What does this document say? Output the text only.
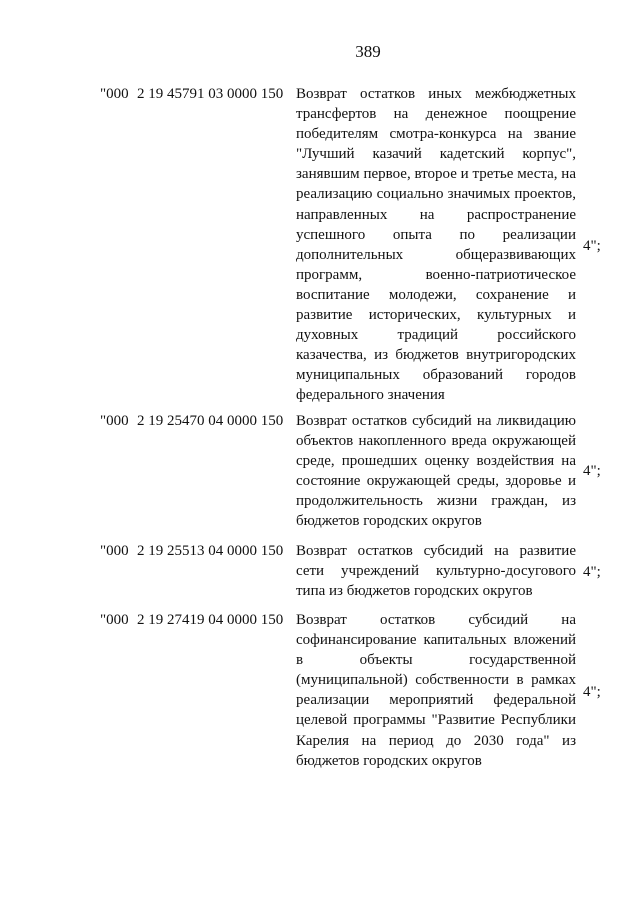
389
"000 2 19 45791 03 0000 150 Возврат остатков иных межбюджетных трансфертов на денежное поощрение победителям смотра-конкурса на звание "Лучший казачий кадетский корпус", занявшим первое, второе и третье места, на реализацию социально значимых проектов, направленных на распространение успешного опыта по реализации дополнительных общеразвивающих программ, военно-патриотическое воспитание молодежи, сохранение и развитие исторических, культурных и духовных традиций российского казачества, из бюджетов внутригородских муниципальных образований городов федерального значения
4";
"000 2 19 25470 04 0000 150 Возврат остатков субсидий на ликвидацию объектов накопленного вреда окружающей среде, прошедших оценку воздействия на состояние окружающей среды, здоровье и продолжительность жизни граждан, из бюджетов городских округов
4";
"000 2 19 25513 04 0000 150 Возврат остатков субсидий на развитие сети учреждений культурно-досугового типа из бюджетов городских округов
4";
"000 2 19 27419 04 0000 150 Возврат остатков субсидий на софинансирование капитальных вложений в объекты государственной (муниципальной) собственности в рамках реализации мероприятий федеральной целевой программы "Развитие Республики Карелия на период до 2030 года" из бюджетов городских округов
4";
